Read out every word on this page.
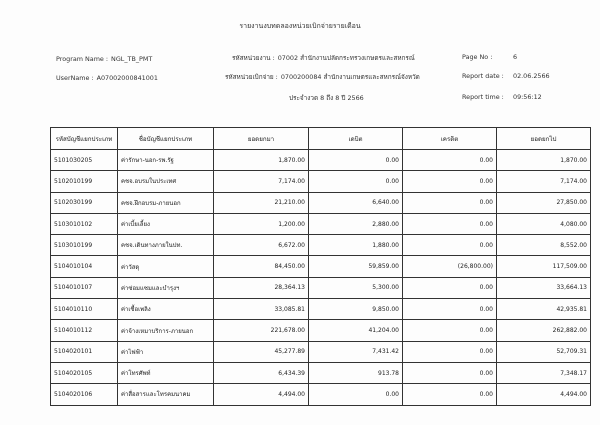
รายงานงบทดลองหน่วยเบิกจ่ายรายเดือน
Program Name : NGL_TB_PMT
UserName : A07002000841001
รหัสหน่วยงาน : 07002 สำนักงานปลัดกระทรวงเกษตรและสหกรณ์
รหัสหน่วยเบิกจ่าย : 0700200084 สำนักงานเกษตรและสหกรณ์จังหวัด
ประจำงวด 8 ถึง 8 ปี 2566
Page No :	6
Report date : 02.06.2566
Report time : 09:56:12
รหัสบัญชีแยกประเภท	ชื่อบัญชีแยกประเภท	ยอดยกมา	เดบิต	เครดิต	ยอดยกไป
5101030205	ค่ารักษา-นอก-รพ.รัฐ	1,870.00	0.00	0.00	1,870.00
5102010199	คชจ.อบรมในประเทศ	7,174.00	0.00	0.00	7,174.00
5102030199	คชจ.ฝึกอบรม-ภายนอก	21,210.00	6,640.00	0.00	27,850.00
5103010102	ค่าเบี้ยเลี้ยง	1,200.00	2,880.00	0.00	4,080.00
5103010199	คชจ.เดินทางภายในปท.	6,672.00	1,880.00	0.00	8,552.00
5104010104	ค่าวัสดุ	84,450.00	59,859.00	(26,800.00)	117,509.00
5104010107	ค่าซ่อมแซมและบำรุงฯ	28,364.13	5,300.00	0.00	33,664.13
5104010110	ค่าเชื้อเพลิง	33,085.81	9,850.00	0.00	42,935.81
5104010112	ค่าจ้างเหมาบริการ-ภายนอก	221,678.00	41,204.00	0.00	262,882.00
5104020101	ค่าไฟฟ้า	45,277.89	7,431.42	0.00	52,709.31
5104020105	ค่าโทรศัพท์	6,434.39	913.78	0.00	7,348.17
5104020106	ค่าสื่อสารและโทรคมนาคม	4,494.00	0.00	0.00	4,494.00
